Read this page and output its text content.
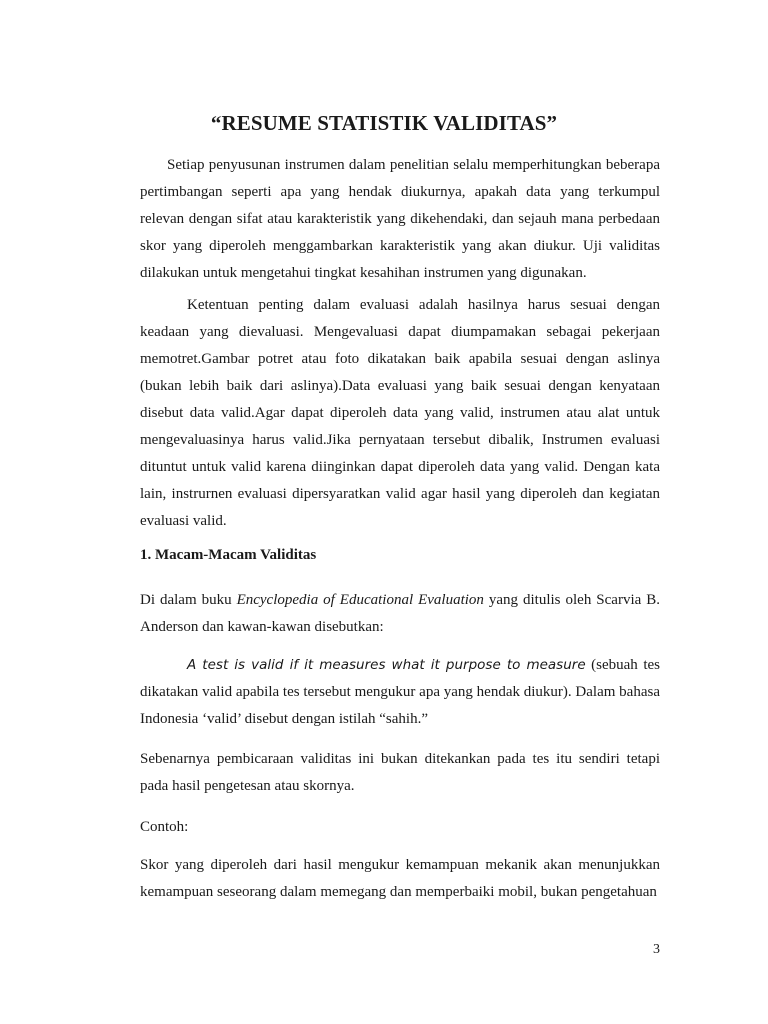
“RESUME STATISTIK VALIDITAS”

Setiap penyusunan instrumen dalam penelitian selalu memperhitungkan beberapa pertimbangan seperti apa yang hendak diukurnya, apakah data yang terkumpul relevan dengan sifat atau karakteristik yang dikehendaki, dan sejauh mana perbedaan skor yang diperoleh menggambarkan karakteristik yang akan diukur. Uji validitas dilakukan untuk mengetahui tingkat kesahihan instrumen yang digunakan.

Ketentuan penting dalam evaluasi adalah hasilnya harus sesuai dengan keadaan yang dievaluasi. Mengevaluasi dapat diumpamakan sebagai pekerjaan memotret.Gambar potret atau foto dikatakan baik apabila sesuai dengan aslinya (bukan lebih baik dari aslinya).Data evaluasi yang baik sesuai dengan kenyataan disebut data valid.Agar dapat diperoleh data yang valid, instrumen atau alat untuk mengevaluasinya harus valid.Jika pernyataan tersebut dibalik, Instrumen evaluasi dituntut untuk valid karena diinginkan dapat diperoleh data yang valid. Dengan kata lain, instrurnen evaluasi dipersyaratkan valid agar hasil yang diperoleh dan kegiatan evaluasi valid.

1. Macam-Macam Validitas

Di dalam buku Encyclopedia of Educational Evaluation yang ditulis oleh Scarvia B. Anderson dan kawan-kawan disebutkan:

A test is valid if it measures what it purpose to measure (sebuah tes dikatakan valid apabila tes tersebut mengukur apa yang hendak diukur). Dalam bahasa Indonesia ‘valid’ disebut dengan istilah “sahih.”

Sebenarnya pembicaraan validitas ini bukan ditekankan pada tes itu sendiri tetapi pada hasil pengetesan atau skornya.

Contoh:

Skor yang diperoleh dari hasil mengukur kemampuan mekanik akan menunjukkan kemampuan seseorang dalam memegang dan memperbaiki mobil, bukan pengetahuan

3
